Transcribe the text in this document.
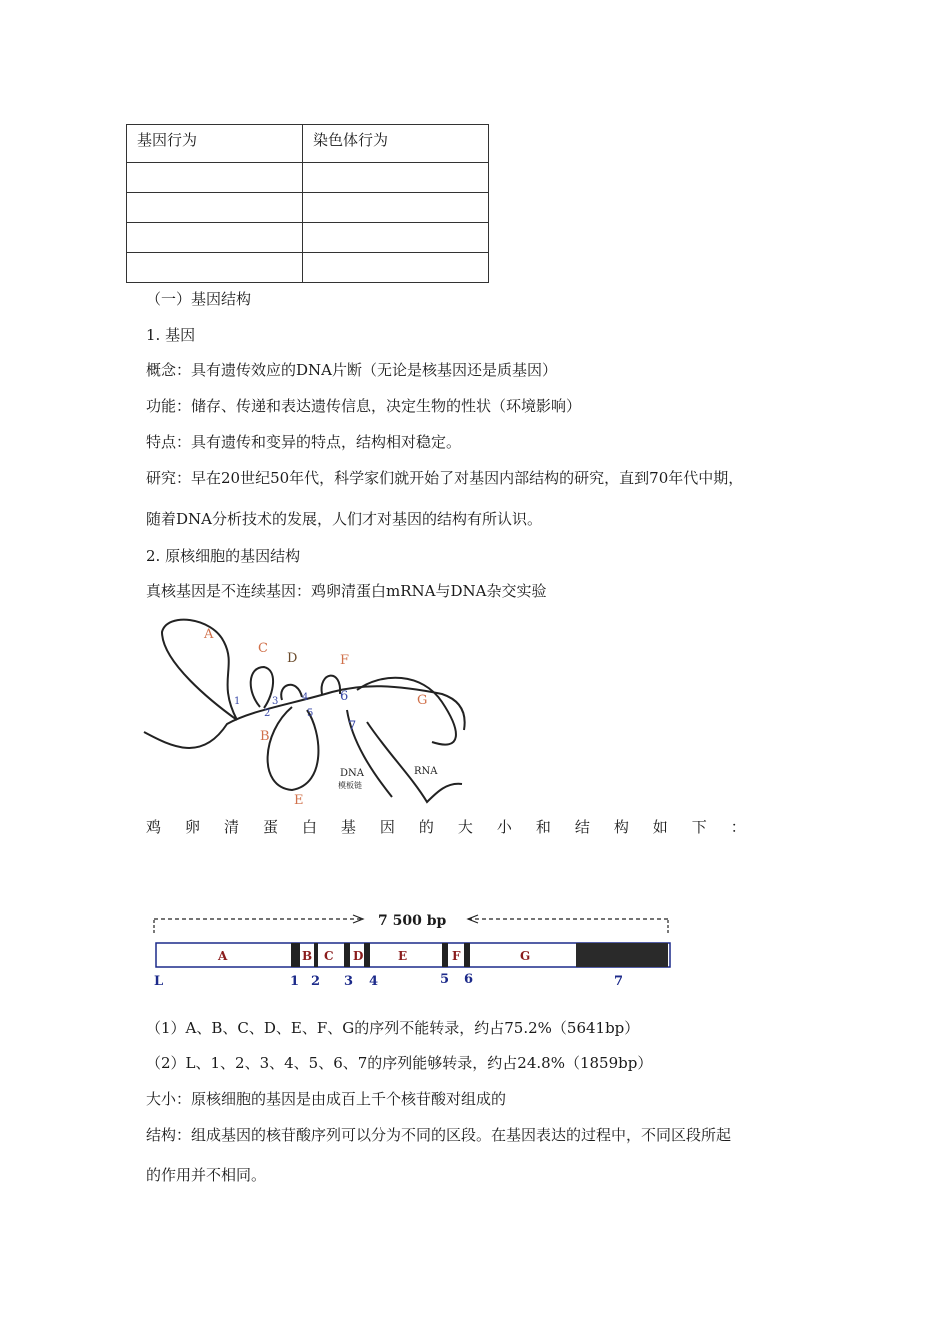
基因行为	染色体行为

（一）基因结构
1. 基因
概念：具有遗传效应的DNA片断（无论是核基因还是质基因）
功能：储存、传递和表达遗传信息，决定生物的性状（环境影响）
特点：具有遗传和变异的特点，结构相对稳定。
研究：早在20世纪50年代，科学家们就开始了对基因内部结构的研究，直到70年代中期，
随着DNA分析技术的发展，人们才对基因的结构有所认识。
2. 原核细胞的基因结构
真核基因是不连续基因：鸡卵清蛋白mRNA与DNA杂交实验
A
C
D	F
G
E
B
1
2
3 4
5
6
7
DNA
模板链
RNA
鸡 卵 清 蛋 白 基 因 的 大 小 和 结 构 如 下 ：
7 500 bp
A	B C D	E	F	G
L	1 2 3 4	5 6	7
（1）A、B、C、D、E、F、G的序列不能转录，约占75.2%（5641bp）
（2）L、1、2、3、4、5、6、7的序列能够转录，约占24.8%（1859bp）
大小：原核细胞的基因是由成百上千个核苷酸对组成的
结构：组成基因的核苷酸序列可以分为不同的区段。在基因表达的过程中，不同区段所起
的作用并不相同。
